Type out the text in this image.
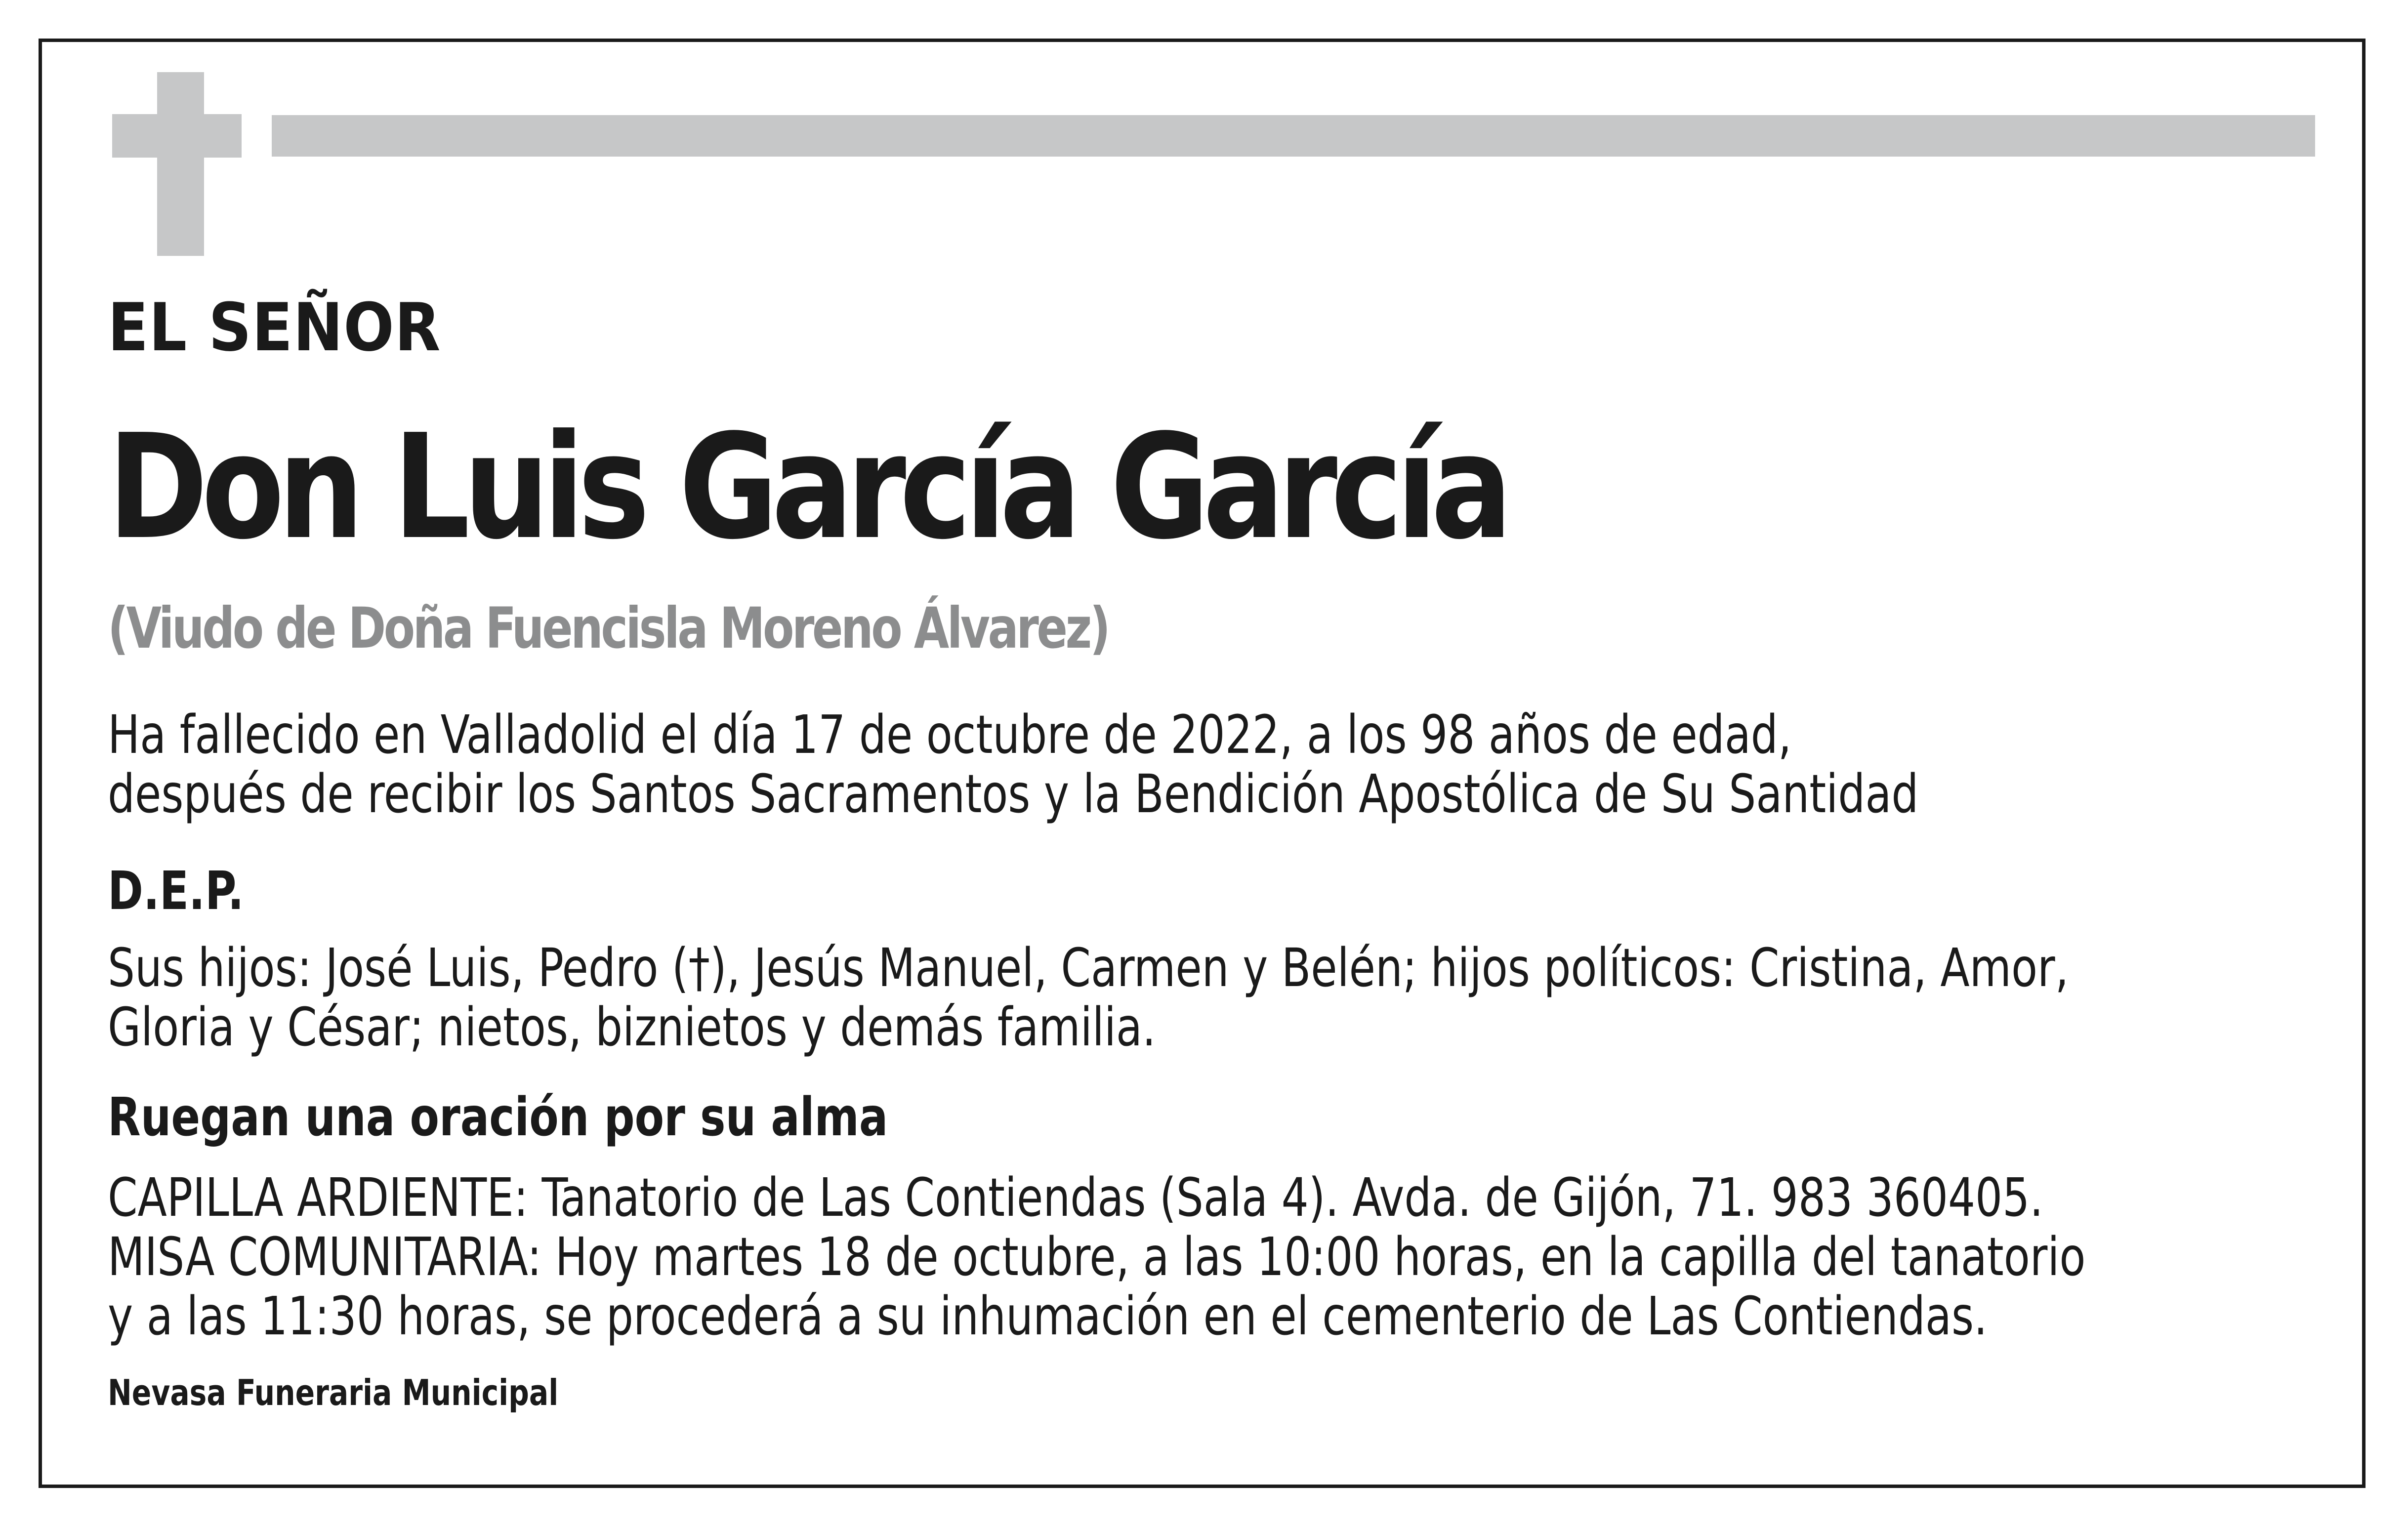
EL SEÑOR

Don Luis García García

(Viudo de Doña Fuencisla Moreno Álvarez)

Ha fallecido en Valladolid el día 17 de octubre de 2022, a los 98 años de edad,
después de recibir los Santos Sacramentos y la Bendición Apostólica de Su Santidad

D.E.P.

Sus hijos: José Luis, Pedro (†), Jesús Manuel, Carmen y Belén; hijos políticos: Cristina, Amor,
Gloria y César; nietos, biznietos y demás familia.

Ruegan una oración por su alma

CAPILLA ARDIENTE: Tanatorio de Las Contiendas (Sala 4). Avda. de Gijón, 71. 983 360405.
MISA COMUNITARIA: Hoy martes 18 de octubre, a las 10:00 horas, en la capilla del tanatorio
y a las 11:30 horas, se procederá a su inhumación en el cementerio de Las Contiendas.

Nevasa Funeraria Municipal
